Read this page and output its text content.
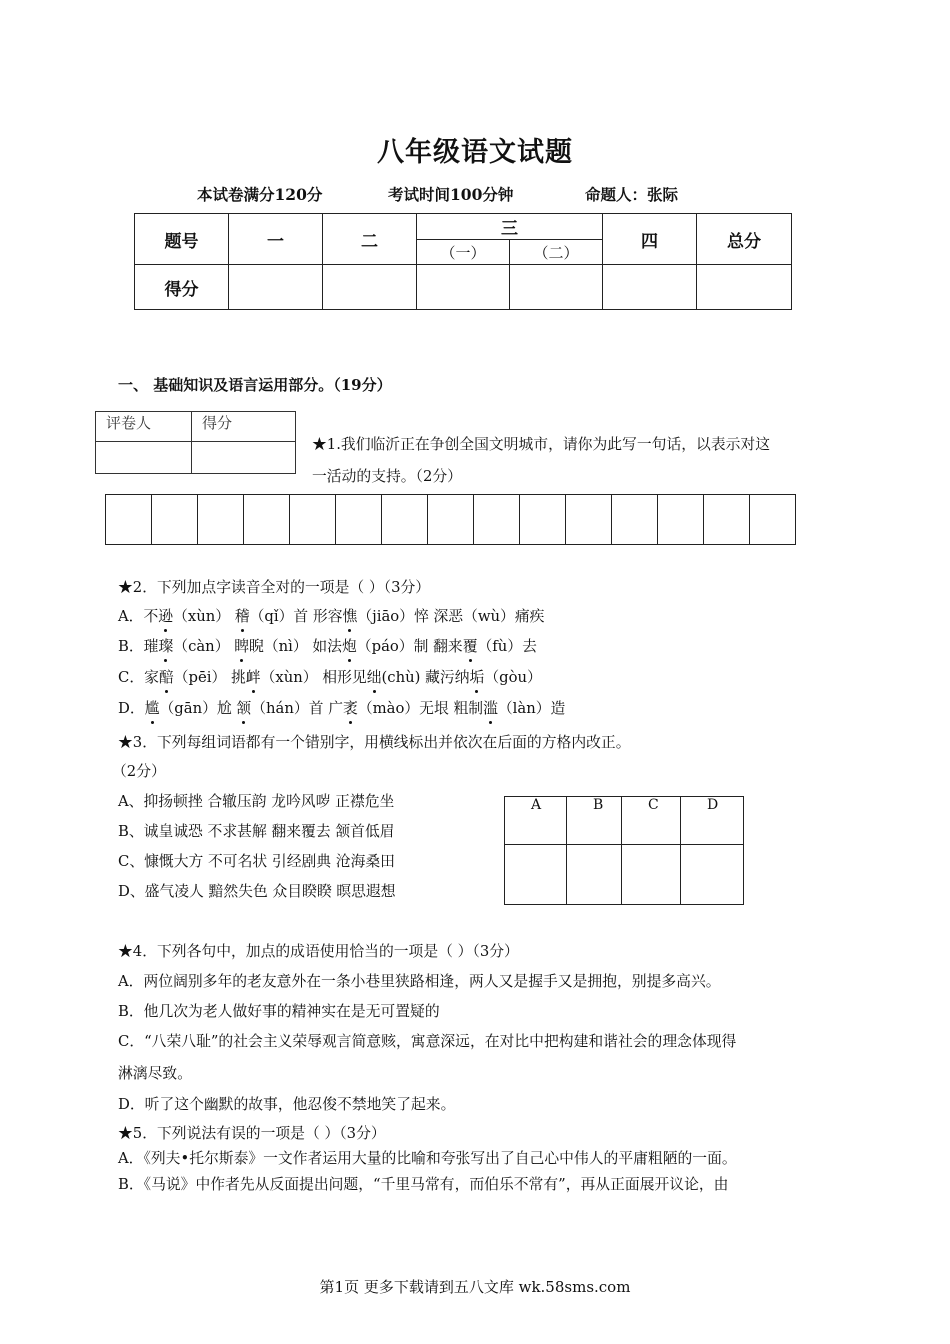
八年级语文试题
本试卷满分120分	考试时间100分钟	命题人：张际
题号	一	二	三		四	总分
			（一）	（二）		
得分						
一、 基础知识及语言运用部分。（19分）
评卷人	得分

★1.我们临沂正在争创全国文明城市，请你为此写一句话，以表示对这
一活动的支持。（2分）

★2．下列加点字读音全对的一项是（ ）（3分）
A．不逊（xùn） 稽（qǐ）首 形容憔（jiāo）悴 深恶（wù）痛疾
B．璀璨（càn） 睥睨（nì） 如法炮（páo）制 翻来覆（fù）去
C．家醅（pēi） 挑衅（xùn） 相形见绌(chù) 藏污纳垢（gòu）
D．尴（gān）尬 颔（hán）首 广袤（mào）无垠 粗制滥（làn）造
★3．下列每组词语都有一个错别字，用横线标出并依次在后面的方格内改正。
（2分）
A、抑扬顿挫 合辙压韵 龙吟风哕 正襟危坐
B、诚皇诚恐 不求甚解 翻来覆去 颔首低眉
C、慷慨大方 不可名状 引经剧典 沧海桑田
D、盛气凌人 黯然失色 众目睽睽 暝思遐想
A	B	C	D

★4．下列各句中，加点的成语使用恰当的一项是（ ）（3分）
A．两位阔别多年的老友意外在一条小巷里狭路相逢，两人又是握手又是拥抱，别提多高兴。
B．他几次为老人做好事的精神实在是无可置疑的
C．“八荣八耻”的社会主义荣辱观言简意赅，寓意深远，在对比中把构建和谐社会的理念体现得
淋漓尽致。
D．听了这个幽默的故事，他忍俊不禁地笑了起来。
★5．下列说法有误的一项是（ ）（3分）
A．《列夫•托尔斯泰》一文作者运用大量的比喻和夸张写出了自己心中伟人的平庸粗陋的一面。
B．《马说》中作者先从反面提出问题，“千里马常有，而伯乐不常有”，再从正面展开议论，由
第1页 更多下载请到五八文库 wk.58sms.com
